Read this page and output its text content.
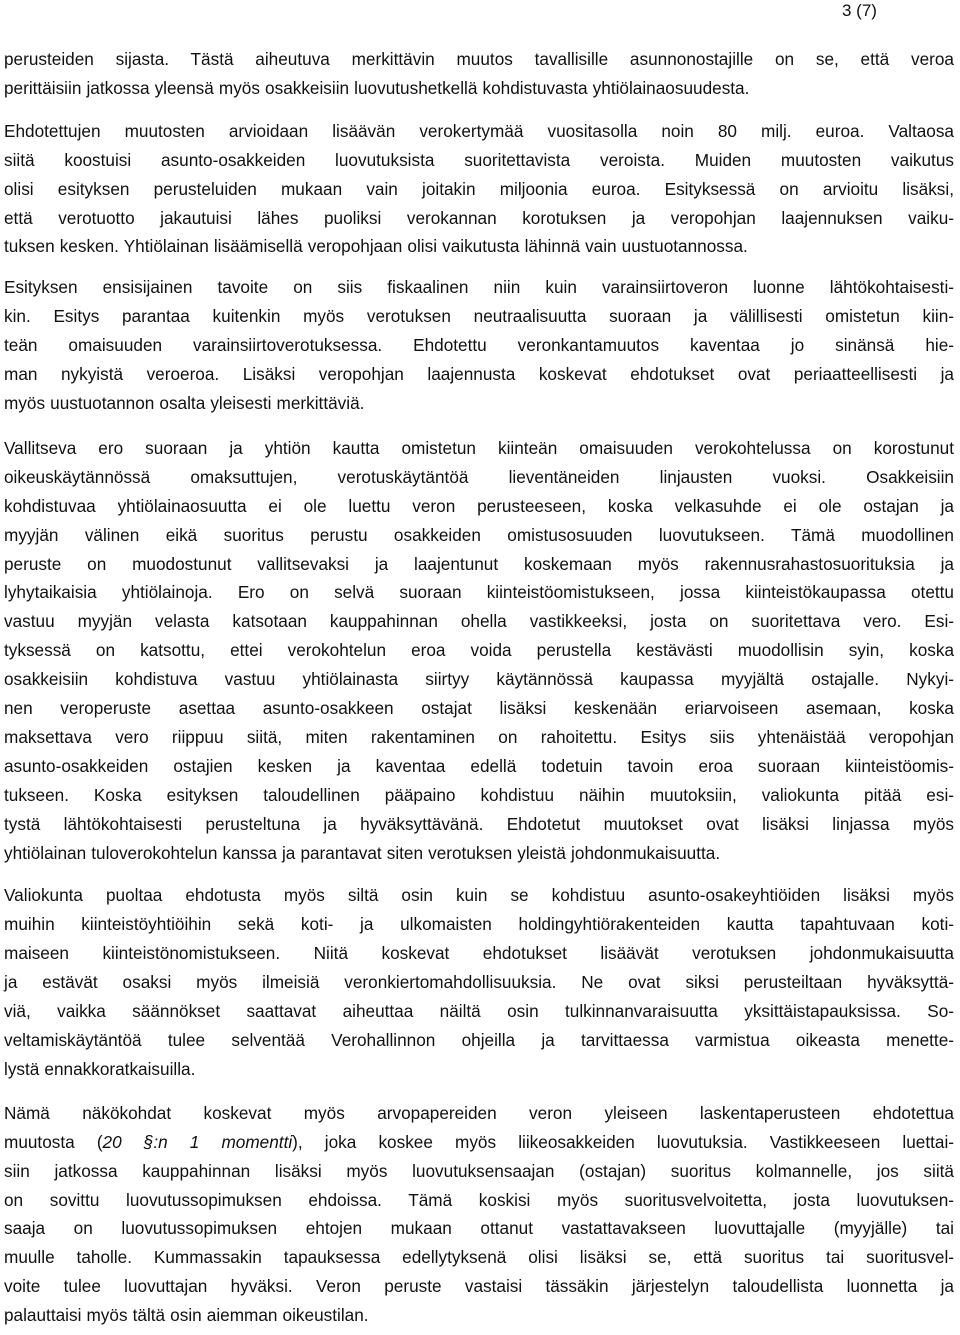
3 (7)

perusteiden sijasta. Tästä aiheutuva merkittävin muutos tavallisille asunnonostajille on se, että veroa
perittäisiin jatkossa yleensä myös osakkeisiin luovutushetkellä kohdistuvasta yhtiölainaosuudesta.

Ehdotettujen muutosten arvioidaan lisäävän verokertymää vuositasolla noin 80 milj. euroa. Valtaosa
siitä koostuisi asunto-osakkeiden luovutuksista suoritettavista veroista. Muiden muutosten vaikutus
olisi esityksen perusteluiden mukaan vain joitakin miljoonia euroa. Esityksessä on arvioitu lisäksi,
että verotuotto jakautuisi lähes puoliksi verokannan korotuksen ja veropohjan laajennuksen vaiku-
tuksen kesken. Yhtiölainan lisäämisellä veropohjaan olisi vaikutusta lähinnä vain uustuotannossa.

Esityksen ensisijainen tavoite on siis fiskaalinen niin kuin varainsiirtoveron luonne lähtökohtaisesti-
kin. Esitys parantaa kuitenkin myös verotuksen neutraalisuutta suoraan ja välillisesti omistetun kiin-
teän omaisuuden varainsiirtoverotuksessa. Ehdotettu veronkantamuutos kaventaa jo sinänsä hie-
man nykyistä veroeroa. Lisäksi veropohjan laajennusta koskevat ehdotukset ovat periaatteellisesti ja
myös uustuotannon osalta yleisesti merkittäviä.

Vallitseva ero suoraan ja yhtiön kautta omistetun kiinteän omaisuuden verokohtelussa on korostunut
oikeuskäytännössä omaksuttujen, verotuskäytäntöä lieventäneiden linjausten vuoksi. Osakkeisiin
kohdistuvaa yhtiölainaosuutta ei ole luettu veron perusteeseen, koska velkasuhde ei ole ostajan ja
myyjän välinen eikä suoritus perustu osakkeiden omistusosuuden luovutukseen. Tämä muodollinen
peruste on muodostunut vallitsevaksi ja laajentunut koskemaan myös rakennusrahastosuorituksia ja
lyhytaikaisia yhtiölainoja. Ero on selvä suoraan kiinteistöomistukseen, jossa kiinteistökaupassa otettu
vastuu myyjän velasta katsotaan kauppahinnan ohella vastikkeeksi, josta on suoritettava vero. Esi-
tyksessä on katsottu, ettei verokohtelun eroa voida perustella kestävästi muodollisin syin, koska
osakkeisiin kohdistuva vastuu yhtiölainasta siirtyy käytännössä kaupassa myyjältä ostajalle. Nykyi-
nen veroperuste asettaa asunto-osakkeen ostajat lisäksi keskenään eriarvoiseen asemaan, koska
maksettava vero riippuu siitä, miten rakentaminen on rahoitettu. Esitys siis yhtenäistää veropohjan
asunto-osakkeiden ostajien kesken ja kaventaa edellä todetuin tavoin eroa suoraan kiinteistöomis-
tukseen. Koska esityksen taloudellinen pääpaino kohdistuu näihin muutoksiin, valiokunta pitää esi-
tystä lähtökohtaisesti perusteltuna ja hyväksyttävänä. Ehdotetut muutokset ovat lisäksi linjassa myös
yhtiölainan tuloverokohtelun kanssa ja parantavat siten verotuksen yleistä johdonmukaisuutta.

Valiokunta puoltaa ehdotusta myös siltä osin kuin se kohdistuu asunto-osakeyhtiöiden lisäksi myös
muihin kiinteistöyhtiöihin sekä koti- ja ulkomaisten holdingyhtiörakenteiden kautta tapahtuvaan koti-
maiseen kiinteistönomistukseen. Niitä koskevat ehdotukset lisäävät verotuksen johdonmukaisuutta
ja estävät osaksi myös ilmeisiä veronkiertomahdollisuuksia. Ne ovat siksi perusteiltaan hyväksyttä-
viä, vaikka säännökset saattavat aiheuttaa näiltä osin tulkinnanvaraisuutta yksittäistapauksissa. So-
veltamiskäytäntöä tulee selventää Verohallinnon ohjeilla ja tarvittaessa varmistua oikeasta menette-
lystä ennakkoratkaisuilla.

Nämä näkökohdat koskevat myös arvopapereiden veron yleiseen laskentaperusteen ehdotettua
muutosta (20 §:n 1 momentti), joka koskee myös liikeosakkeiden luovutuksia. Vastikkeeseen luettai-
siin jatkossa kauppahinnan lisäksi myös luovutuksensaajan (ostajan) suoritus kolmannelle, jos siitä
on sovittu luovutussopimuksen ehdoissa. Tämä koskisi myös suoritusvelvoitetta, josta luovutuksen-
saaja on luovutussopimuksen ehtojen mukaan ottanut vastattavakseen luovuttajalle (myyjälle) tai
muulle taholle. Kummassakin tapauksessa edellytyksenä olisi lisäksi se, että suoritus tai suoritusvel-
voite tulee luovuttajan hyväksi. Veron peruste vastaisi tässäkin järjestelyn taloudellista luonnetta ja
palauttaisi myös tältä osin aiemman oikeustilan.
